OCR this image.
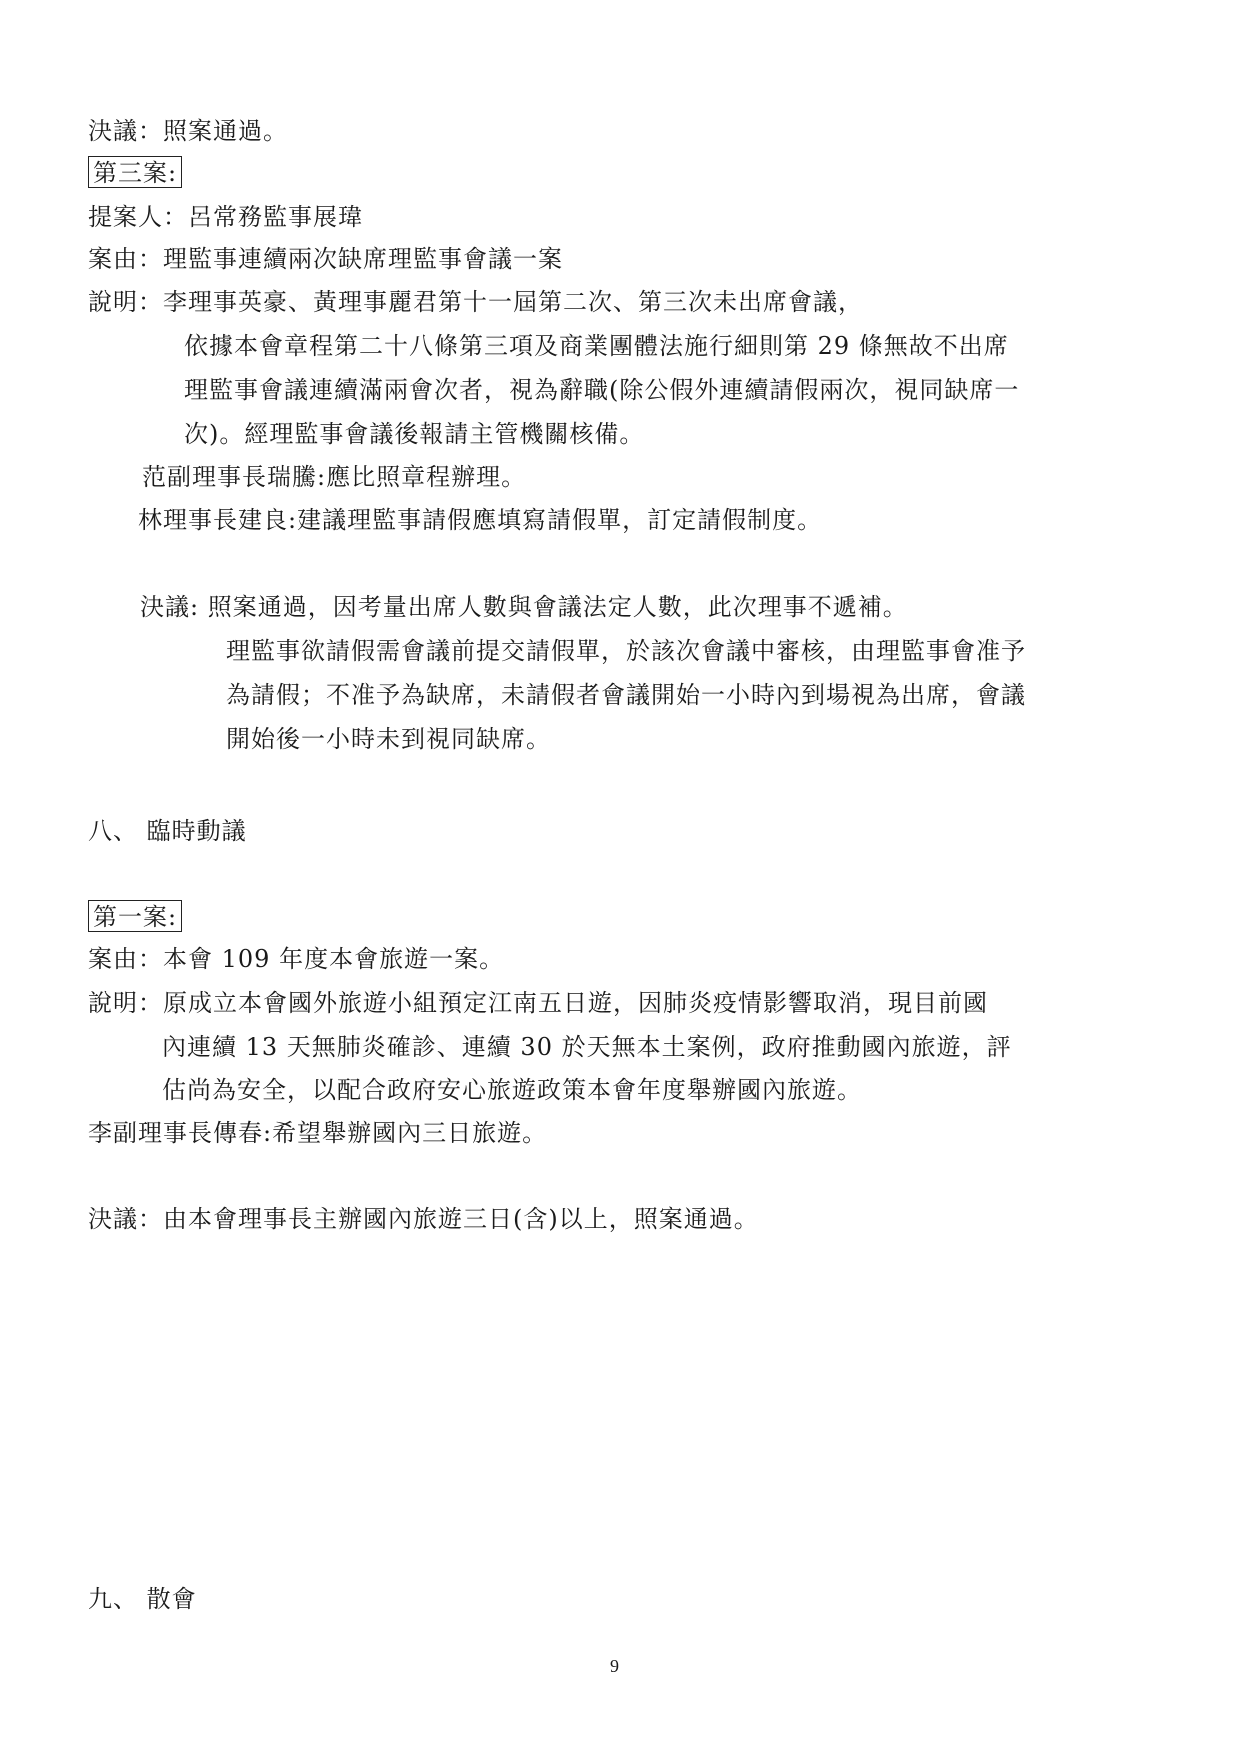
決議：照案通過。
第三案:
提案人：呂常務監事展瑋
案由：理監事連續兩次缺席理監事會議一案
說明：李理事英豪、黃理事麗君第十一屆第二次、第三次未出席會議，
依據本會章程第二十八條第三項及商業團體法施行細則第 29 條無故不出席
理監事會議連續滿兩會次者，視為辭職(除公假外連續請假兩次，視同缺席一
次)。經理監事會議後報請主管機關核備。
范副理事長瑞騰:應比照章程辦理。
林理事長建良:建議理監事請假應填寫請假單，訂定請假制度。
決議: 照案通過，因考量出席人數與會議法定人數，此次理事不遞補。
理監事欲請假需會議前提交請假單，於該次會議中審核，由理監事會准予
為請假；不准予為缺席，未請假者會議開始一小時內到場視為出席，會議
開始後一小時未到視同缺席。
八、 臨時動議
第一案:
案由：本會 109 年度本會旅遊一案。
說明：原成立本會國外旅遊小組預定江南五日遊，因肺炎疫情影響取消，現目前國
內連續 13 天無肺炎確診、連續 30 於天無本土案例，政府推動國內旅遊，評
估尚為安全，以配合政府安心旅遊政策本會年度舉辦國內旅遊。
李副理事長傳春:希望舉辦國內三日旅遊。
決議：由本會理事長主辦國內旅遊三日(含)以上，照案通過。
九、 散會
9
